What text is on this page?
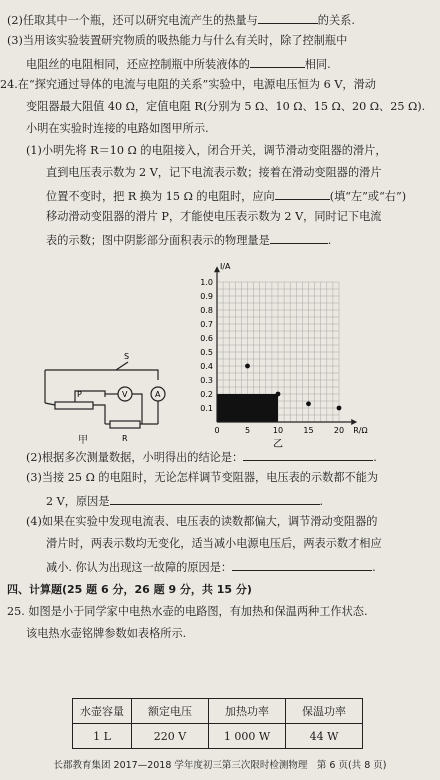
(2)任取其中一个瓶，还可以研究电流产生的热量与	的关系.
(3)当用该实验装置研究物质的吸热能力与什么有关时，除了控制瓶中
电阻丝的电阻相同，还应控制瓶中所装液体的	相同.
24.在“探究通过导体的电流与电阻的关系”实验中，电源电压恒为 6 V，滑动
变阻器最大阻值 40 Ω，定值电阻 R(分别为 5 Ω、10 Ω、15 Ω、20 Ω、25 Ω).
小明在实验时连接的电路如图甲所示.
(1)小明先将 R＝10 Ω 的电阻接入，闭合开关，调节滑动变阻器的滑片，
直到电压表示数为 2 V，记下电流表示数；接着在滑动变阻器的滑片
位置不变时，把 R 换为 15 Ω 的电阻时，应向	(填“左”或“右”)
移动滑动变阻器的滑片 P，才能使电压表示数为 2 V，同时记下电流
表的示数；图中阴影部分面积表示的物理量是	.
(2)根据多次测量数据，小明得出的结论是：	.
(3)当接 25 Ω 的电阻时，无论怎样调节变阻器，电压表的示数都不能为
2 V，原因是	.
(4)如果在实验中发现电流表、电压表的读数都偏大，调节滑动变阻器的
滑片时，两表示数均无变化，适当减小电源电压后，两表示数才相应
减小. 你认为出现这一故障的原因是：	.
S
A
V
P
R
甲
0.1
0.2
0.3
0.4
0.5
0.6
0.7
0.8
0.9
1.0
0	5	10	15	20
I/A
R/Ω
乙
四、计算题(25 题 6 分，26 题 9 分，共 15 分)
25. 如图是小于同学家中电热水壶的电路图，有加热和保温两种工作状态.
该电热水壶铭牌参数如表格所示.
水壶容量	额定电压	加热功率	保温功率
1 L	220 V	1 000 W	44 W
长郡教育集团 2017—2018 学年度初三第三次限时检测物理　第 6 页(共 8 页)
